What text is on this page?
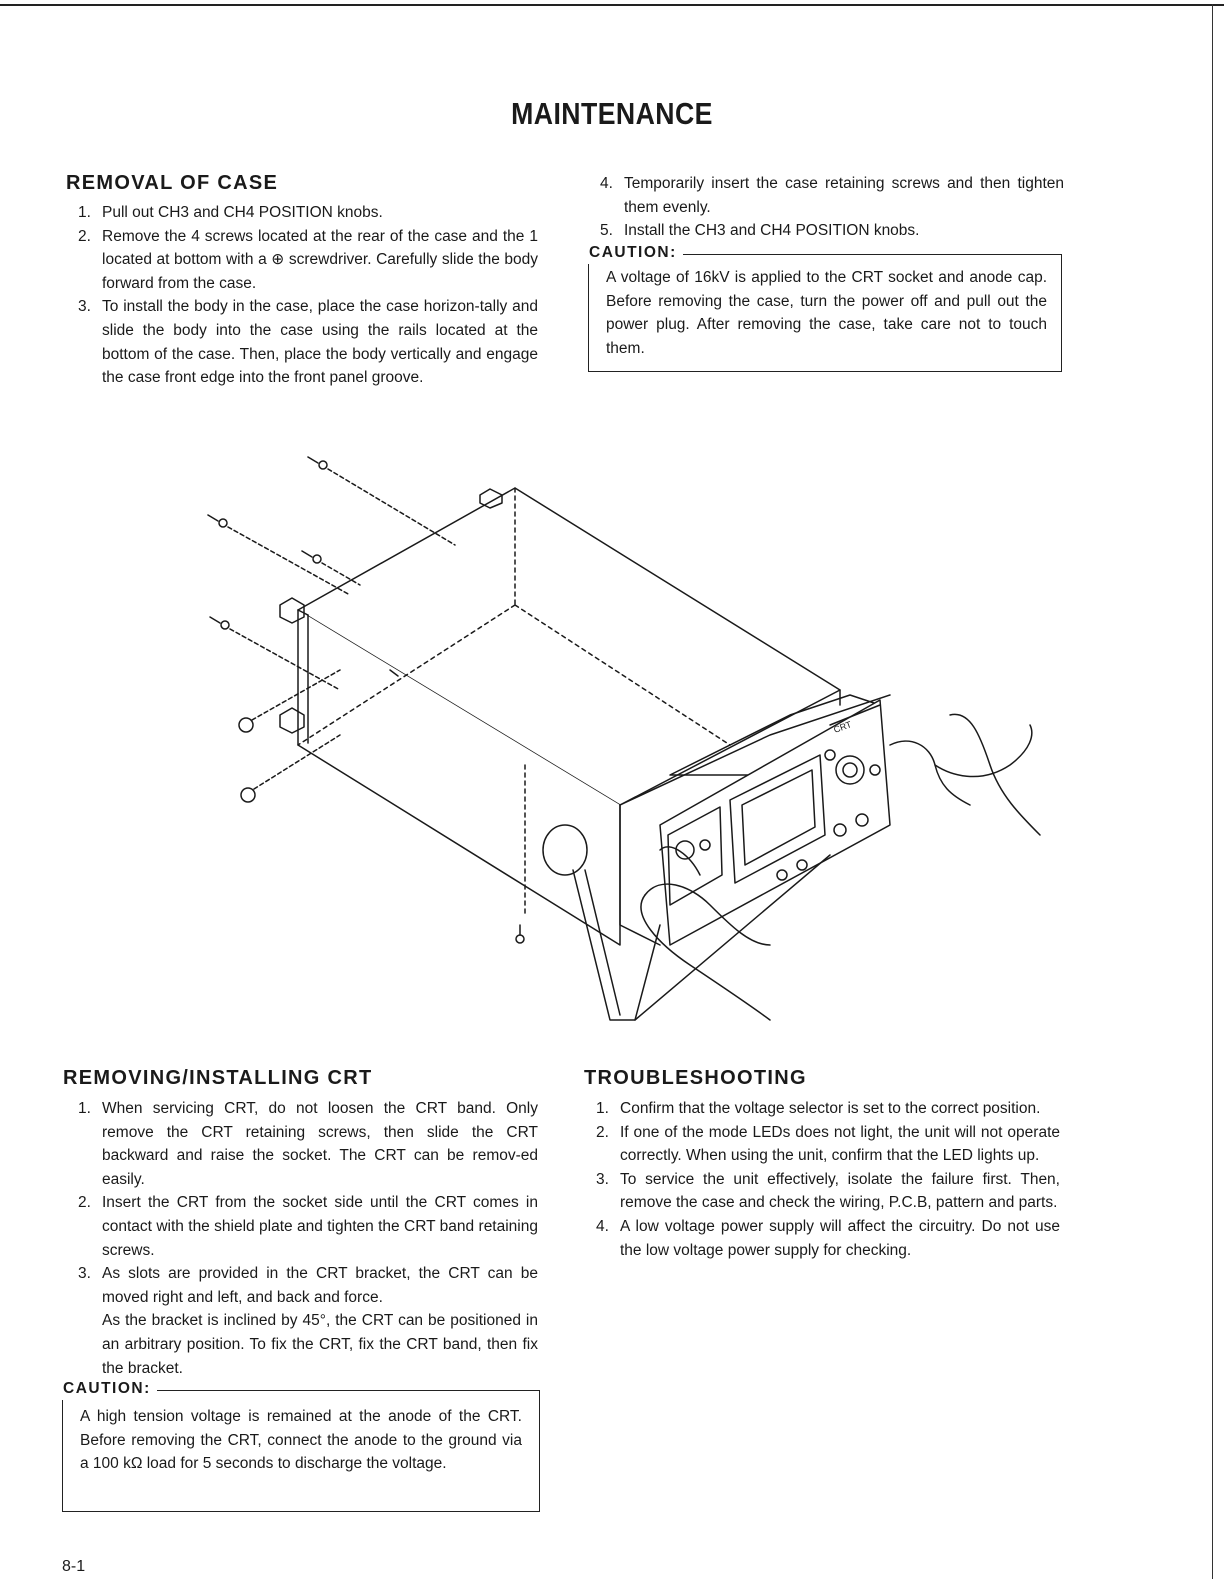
MAINTENANCE
REMOVAL OF CASE
1. Pull out CH3 and CH4 POSITION knobs.
2. Remove the 4 screws located at the rear of the case and the 1 located at bottom with a ⊕ screwdriver. Carefully slide the body forward from the case.
3. To install the body in the case, place the case horizon-tally and slide the body into the case using the rails located at the bottom of the case. Then, place the body vertically and engage the case front edge into the front panel groove.
4. Temporarily insert the case retaining screws and then tighten them evenly.
5. Install the CH3 and CH4 POSITION knobs.
CAUTION:
A voltage of 16kV is applied to the CRT socket and anode cap. Before removing the case, turn the power off and pull out the power plug. After removing the case, take care not to touch them.
CRT
REMOVING/INSTALLING CRT
1. When servicing CRT, do not loosen the CRT band. Only remove the CRT retaining screws, then slide the CRT backward and raise the socket. The CRT can be remov-ed easily.
2. Insert the CRT from the socket side until the CRT comes in contact with the shield plate and tighten the CRT band retaining screws.
3. As slots are provided in the CRT bracket, the CRT can be moved right and left, and back and force.
As the bracket is inclined by 45°, the CRT can be positioned in an arbitrary position. To fix the CRT, fix the CRT band, then fix the bracket.
CAUTION:
A high tension voltage is remained at the anode of the CRT. Before removing the CRT, connect the anode to the ground via a 100 kΩ load for 5 seconds to discharge the voltage.
TROUBLESHOOTING
1. Confirm that the voltage selector is set to the correct position.
2. If one of the mode LEDs does not light, the unit will not operate correctly. When using the unit, confirm that the LED lights up.
3. To service the unit effectively, isolate the failure first. Then, remove the case and check the wiring, P.C.B, pattern and parts.
4. A low voltage power supply will affect the circuitry. Do not use the low voltage power supply for checking.
8-1
